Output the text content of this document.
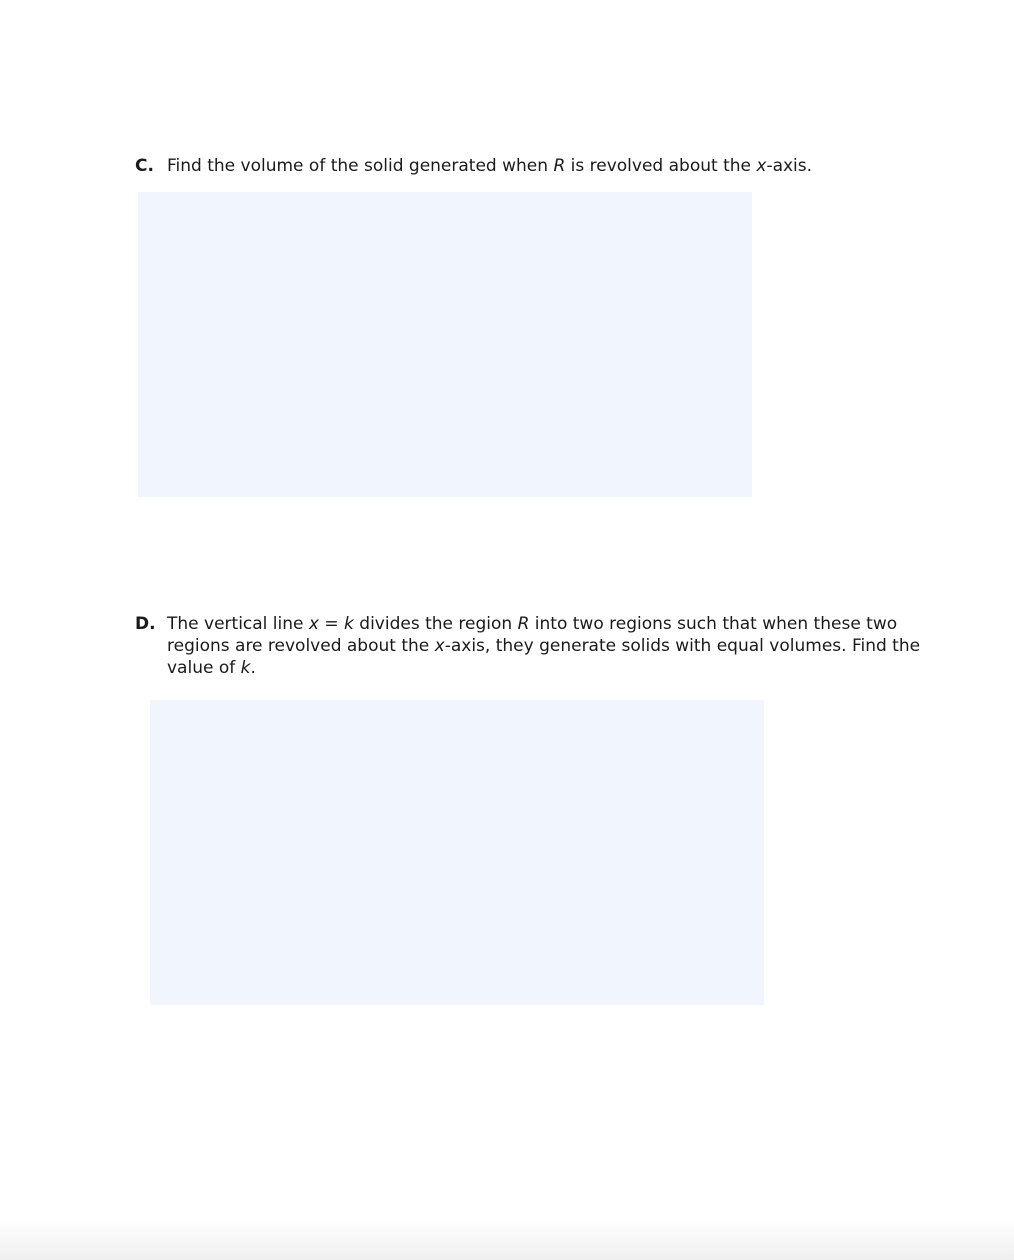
C. Find the volume of the solid generated when R is revolved about the x-axis.
D. The vertical line x = k divides the region R into two regions such that when these two regions are revolved about the x-axis, they generate solids with equal volumes. Find the value of k.
